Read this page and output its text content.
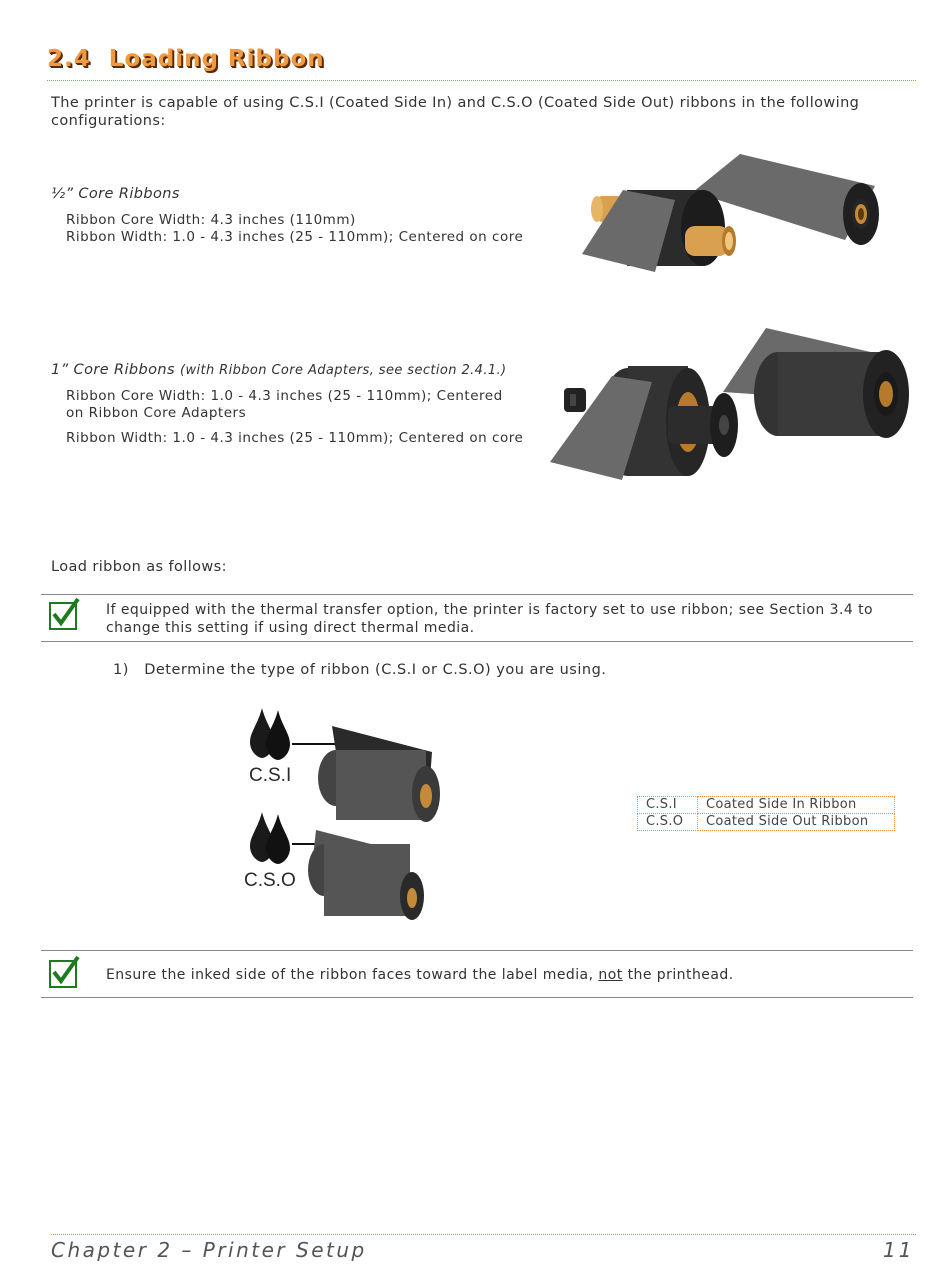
2.4 Loading Ribbon
The printer is capable of using C.S.I (Coated Side In) and C.S.O (Coated Side Out) ribbons in the following configurations:
½” Core Ribbons
Ribbon Core Width: 4.3 inches (110mm)
Ribbon Width: 1.0 - 4.3 inches (25 - 110mm); Centered on core
1” Core Ribbons (with Ribbon Core Adapters, see section 2.4.1.)
Ribbon Core Width: 1.0 - 4.3 inches (25 - 110mm); Centered
on Ribbon Core Adapters
Ribbon Width: 1.0 - 4.3 inches (25 - 110mm); Centered on core
Load ribbon as follows:
If equipped with the thermal transfer option, the printer is factory set to use ribbon; see Section 3.4 to change this setting if using direct thermal media.
1) Determine the type of ribbon (C.S.I or C.S.O) you are using.
C.S.I
C.S.O
C.S.I	Coated Side In Ribbon
C.S.O	Coated Side Out Ribbon
Ensure the inked side of the ribbon faces toward the label media, not the printhead.
Chapter 2 – Printer Setup	11
